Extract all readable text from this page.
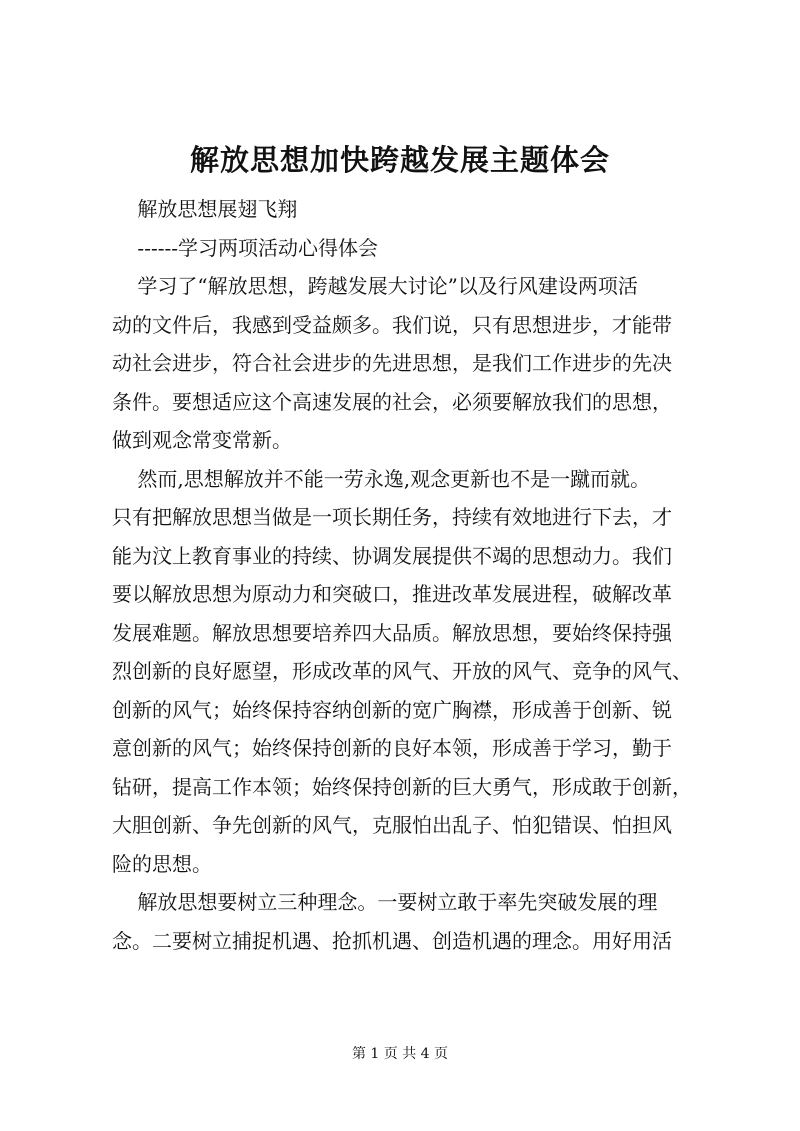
解放思想加快跨越发展主题体会
解放思想展翅飞翔
------学习两项活动心得体会
学习了“解放思想，跨越发展大讨论”以及行风建设两项活
动的文件后，我感到受益颇多。我们说，只有思想进步，才能带
动社会进步，符合社会进步的先进思想，是我们工作进步的先决
条件。要想适应这个高速发展的社会，必须要解放我们的思想，
做到观念常变常新。
然而,思想解放并不能一劳永逸,观念更新也不是一蹴而就。
只有把解放思想当做是一项长期任务，持续有效地进行下去，才
能为汶上教育事业的持续、协调发展提供不竭的思想动力。我们
要以解放思想为原动力和突破口，推进改革发展进程，破解改革
发展难题。解放思想要培养四大品质。解放思想，要始终保持强
烈创新的良好愿望，形成改革的风气、开放的风气、竞争的风气、
创新的风气；始终保持容纳创新的宽广胸襟，形成善于创新、锐
意创新的风气；始终保持创新的良好本领，形成善于学习，勤于
钻研，提高工作本领；始终保持创新的巨大勇气，形成敢于创新，
大胆创新、争先创新的风气，克服怕出乱子、怕犯错误、怕担风
险的思想。
解放思想要树立三种理念。一要树立敢于率先突破发展的理
念。二要树立捕捉机遇、抢抓机遇、创造机遇的理念。用好用活
第 1 页 共 4 页
